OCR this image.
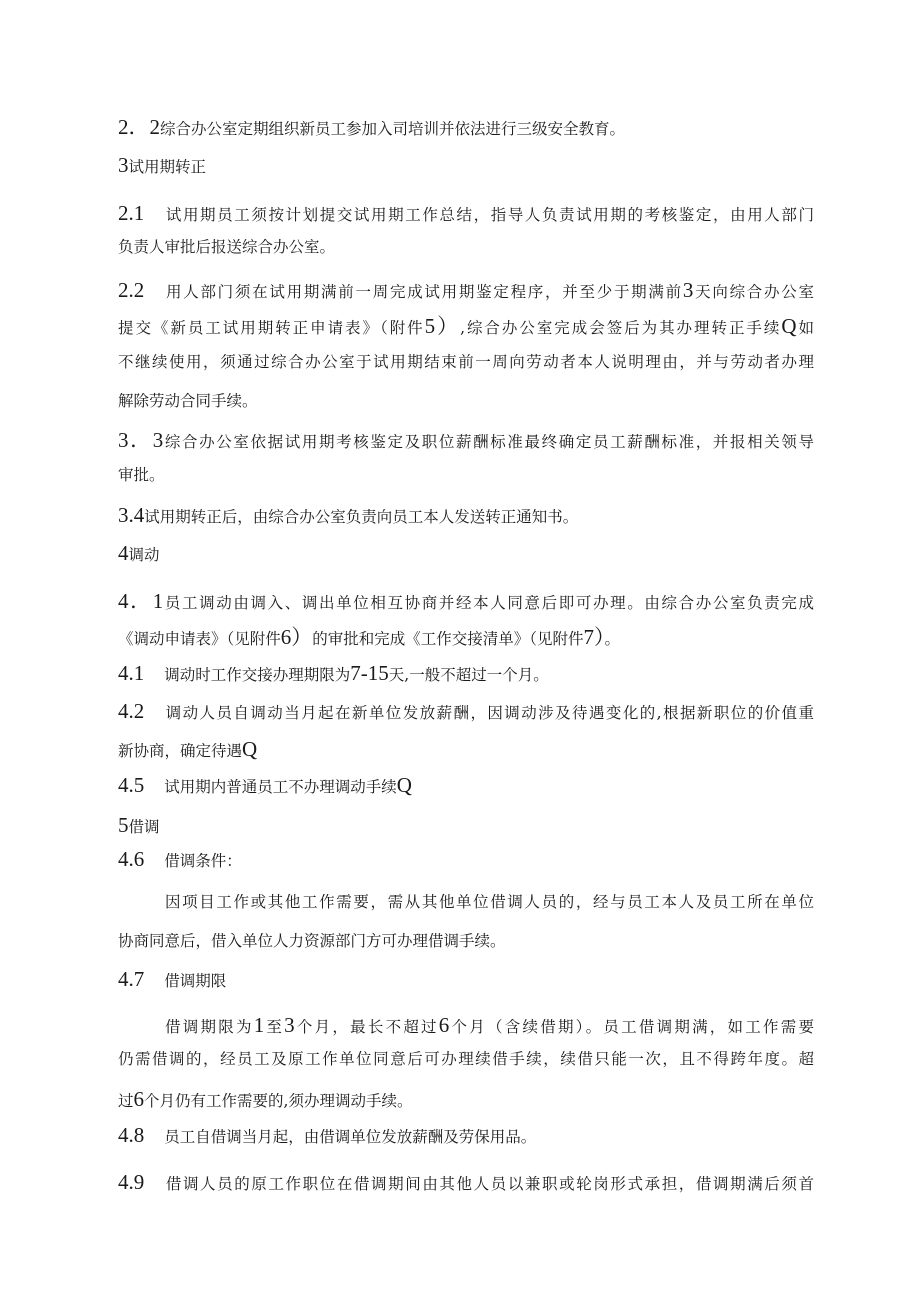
2．2综合办公室定期组织新员工参加入司培训并依法进行三级安全教育。
3试用期转正
2.1 试用期员工须按计划提交试用期工作总结，指导人负责试用期的考核鉴定，由用人部门
负责人审批后报送综合办公室。
2.2 用人部门须在试用期满前一周完成试用期鉴定程序，并至少于期满前3天向综合办公室
提交《新员工试用期转正申请表》（附件5）,综合办公室完成会签后为其办理转正手续Q如
不继续使用，须通过综合办公室于试用期结束前一周向劳动者本人说明理由，并与劳动者办理
解除劳动合同手续。
3．3综合办公室依据试用期考核鉴定及职位薪酬标准最终确定员工薪酬标准，并报相关领导
审批。
3.4试用期转正后，由综合办公室负责向员工本人发送转正通知书。
4调动
4．1员工调动由调入、调出单位相互协商并经本人同意后即可办理。由综合办公室负责完成
《调动申请表》（见附件6）的审批和完成《工作交接清单》（见附件7）。
4.1 调动时工作交接办理期限为7-15天,一般不超过一个月。
4.2 调动人员自调动当月起在新单位发放薪酬，因调动涉及待遇变化的,根据新职位的价值重
新协商，确定待遇Q
4.5 试用期内普通员工不办理调动手续Q
5借调
4.6 借调条件：
因项目工作或其他工作需要，需从其他单位借调人员的，经与员工本人及员工所在单位
协商同意后，借入单位人力资源部门方可办理借调手续。
4.7 借调期限
借调期限为1至3个月，最长不超过6个月（含续借期）。员工借调期满，如工作需要
仍需借调的，经员工及原工作单位同意后可办理续借手续，续借只能一次，且不得跨年度。超
过6个月仍有工作需要的,须办理调动手续。
4.8 员工自借调当月起，由借调单位发放薪酬及劳保用品。
4.9 借调人员的原工作职位在借调期间由其他人员以兼职或轮岗形式承担，借调期满后须首
